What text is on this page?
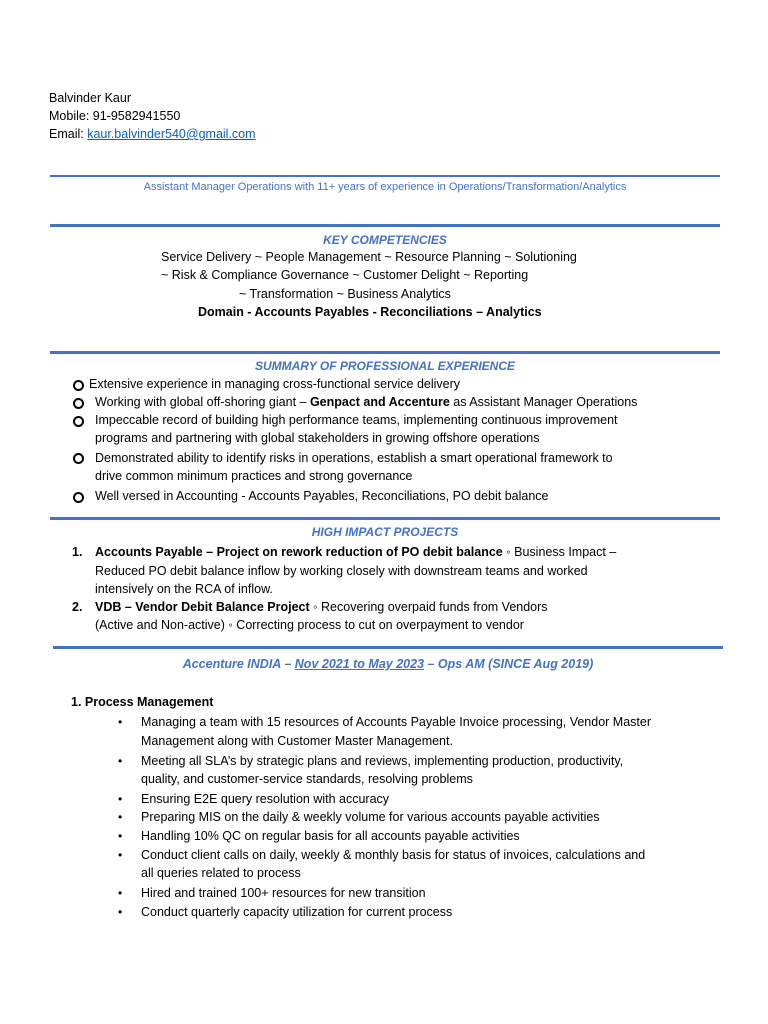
Balvinder Kaur
Mobile: 91-9582941550
Email: kaur.balvinder540@gmail.com
Assistant Manager Operations with 11+ years of experience in Operations/Transformation/Analytics
KEY COMPETENCIES
Service Delivery ~ People Management ~ Resource Planning ~ Solutioning
~ Risk & Compliance Governance ~ Customer Delight ~ Reporting
~ Transformation ~ Business Analytics
Domain - Accounts Payables - Reconciliations – Analytics
SUMMARY OF PROFESSIONAL EXPERIENCE
Extensive experience in managing cross-functional service delivery
Working with global off-shoring giant – Genpact and Accenture as Assistant Manager Operations
Impeccable record of building high performance teams, implementing continuous improvement
programs and partnering with global stakeholders in growing offshore operations
Demonstrated ability to identify risks in operations, establish a smart operational framework to
drive common minimum practices and strong governance
Well versed in Accounting - Accounts Payables, Reconciliations, PO debit balance
HIGH IMPACT PROJECTS
1. Accounts Payable – Project on rework reduction of PO debit balance ◦ Business Impact –
Reduced PO debit balance inflow by working closely with downstream teams and worked
intensively on the RCA of inflow.
2. VDB – Vendor Debit Balance Project ◦ Recovering overpaid funds from Vendors
(Active and Non-active) ◦ Correcting process to cut on overpayment to vendor
Accenture INDIA – Nov 2021 to May 2023 – Ops AM (SINCE Aug 2019)
1. Process Management
• Managing a team with 15 resources of Accounts Payable Invoice processing, Vendor Master
Management along with Customer Master Management.
• Meeting all SLA’s by strategic plans and reviews, implementing production, productivity,
quality, and customer-service standards, resolving problems
• Ensuring E2E query resolution with accuracy
• Preparing MIS on the daily & weekly volume for various accounts payable activities
• Handling 10% QC on regular basis for all accounts payable activities
• Conduct client calls on daily, weekly & monthly basis for status of invoices, calculations and
all queries related to process
• Hired and trained 100+ resources for new transition
• Conduct quarterly capacity utilization for current process
